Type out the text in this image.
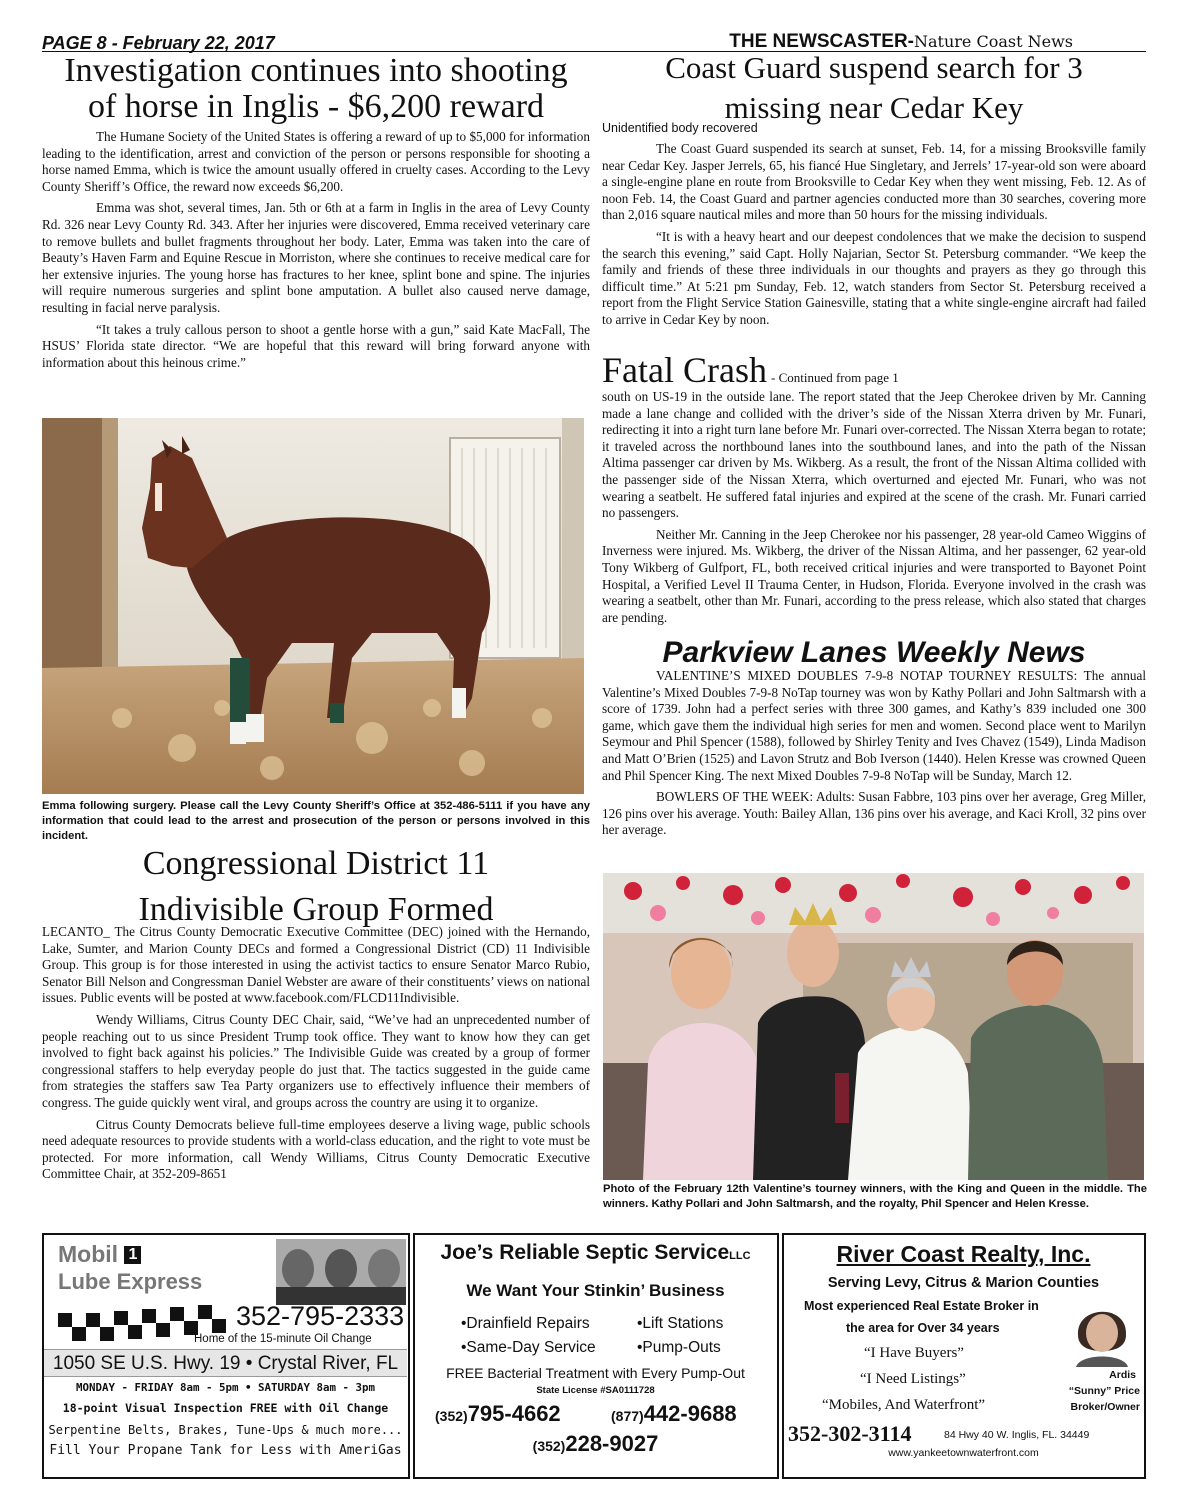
PAGE 8 - February 22, 2017	THE NEWSCASTER-Nature Coast News
Investigation continues into shooting
of horse in Inglis - $6,200 reward

The Humane Society of the United States is offering a reward of up to $5,000 for information leading to the identification, arrest and conviction of the person or persons responsible for shooting a horse named Emma, which is twice the amount usually offered in cruelty cases. According to the Levy County Sheriff’s Office, the reward now exceeds $6,200.

Emma was shot, several times, Jan. 5th or 6th at a farm in Inglis in the area of Levy County Rd. 326 near Levy County Rd. 343. After her injuries were discovered, Emma received veterinary care to remove bullets and bullet fragments throughout her body. Later, Emma was taken into the care of Beauty’s Haven Farm and Equine Rescue in Morriston, where she continues to receive medical care for her extensive injuries. The young horse has fractures to her knee, splint bone and spine. The injuries will require numerous surgeries and splint bone amputation. A bullet also caused nerve damage, resulting in facial nerve paralysis.

“It takes a truly callous person to shoot a gentle horse with a gun,” said Kate MacFall, The HSUS’ Florida state director. “We are hopeful that this reward will bring forward anyone with information about this heinous crime.”

Emma following surgery. Please call the Levy County Sheriff’s Office at 352-486-5111 if you have any information that could lead to the arrest and prosecution of the person or persons involved in this incident.
Congressional District 11
Indivisible Group Formed

LECANTO_ The Citrus County Democratic Executive Committee (DEC) joined with the Hernando, Lake, Sumter, and Marion County DECs and formed a Congressional District (CD) 11 Indivisible Group. This group is for those interested in using the activist tactics to ensure Senator Marco Rubio, Senator Bill Nelson and Congressman Daniel Webster are aware of their constituents’ views on national issues. Public events will be posted at www.facebook.com/FLCD11Indivisible.

Wendy Williams, Citrus County DEC Chair, said, “We’ve had an unprecedented number of people reaching out to us since President Trump took office. They want to know how they can get involved to fight back against his policies.” The Indivisible Guide was created by a group of former congressional staffers to help everyday people do just that. The tactics suggested in the guide came from strategies the staffers saw Tea Party organizers use to effectively influence their members of congress. The guide quickly went viral, and groups across the country are using it to organize.

Citrus County Democrats believe full-time employees deserve a living wage, public schools need adequate resources to provide students with a world-class education, and the right to vote must be protected. For more information, call Wendy Williams, Citrus County Democratic Executive Committee Chair, at 352-209-8651

Coast Guard suspend search for 3
missing near Cedar Key
Unidentified body recovered

The Coast Guard suspended its search at sunset, Feb. 14, for a missing Brooksville family near Cedar Key. Jasper Jerrels, 65, his fiancé Hue Singletary, and Jerrels’ 17-year-old son were aboard a single-engine plane en route from Brooksville to Cedar Key when they went missing, Feb. 12. As of noon Feb. 14, the Coast Guard and partner agencies conducted more than 30 searches, covering more than 2,016 square nautical miles and more than 50 hours for the missing individuals.

“It is with a heavy heart and our deepest condolences that we make the decision to suspend the search this evening,” said Capt. Holly Najarian, Sector St. Petersburg commander. “We keep the family and friends of these three individuals in our thoughts and prayers as they go through this difficult time.” At 5:21 pm Sunday, Feb. 12, watch standers from Sector St. Petersburg received a report from the Flight Service Station Gainesville, stating that a white single-engine aircraft had failed to arrive in Cedar Key by noon.

Fatal Crash - Continued from page 1

south on US-19 in the outside lane. The report stated that the Jeep Cherokee driven by Mr. Canning made a lane change and collided with the driver’s side of the Nissan Xterra driven by Mr. Funari, redirecting it into a right turn lane before Mr. Funari over-corrected. The Nissan Xterra began to rotate; it traveled across the northbound lanes into the southbound lanes, and into the path of the Nissan Altima passenger car driven by Ms. Wikberg. As a result, the front of the Nissan Altima collided with the passenger side of the Nissan Xterra, which overturned and ejected Mr. Funari, who was not wearing a seatbelt. He suffered fatal injuries and expired at the scene of the crash. Mr. Funari carried no passengers.

Neither Mr. Canning in the Jeep Cherokee nor his passenger, 28 year-old Cameo Wiggins of Inverness were injured. Ms. Wikberg, the driver of the Nissan Altima, and her passenger, 62 year-old Tony Wikberg of Gulfport, FL, both received critical injuries and were transported to Bayonet Point Hospital, a Verified Level II Trauma Center, in Hudson, Florida. Everyone involved in the crash was wearing a seatbelt, other than Mr. Funari, according to the press release, which also stated that charges are pending.

Parkview Lanes Weekly News

VALENTINE’S MIXED DOUBLES 7-9-8 NOTAP TOURNEY RESULTS: The annual Valentine’s Mixed Doubles 7-9-8 NoTap tourney was won by Kathy Pollari and John Saltmarsh with a score of 1739. John had a perfect series with three 300 games, and Kathy’s 839 included one 300 game, which gave them the individual high series for men and women. Second place went to Marilyn Seymour and Phil Spencer (1588), followed by Shirley Tenity and Ives Chavez (1549), Linda Madison and Matt O’Brien (1525) and Lavon Strutz and Bob Iverson (1440). Helen Kresse was crowned Queen and Phil Spencer King. The next Mixed Doubles 7-9-8 NoTap will be Sunday, March 12.

BOWLERS OF THE WEEK: Adults: Susan Fabbre, 103 pins over her average, Greg Miller, 126 pins over his average. Youth: Bailey Allan, 136 pins over his average, and Kaci Kroll, 32 pins over her average.

Photo of the February 12th Valentine’s tourney winners, with the King and Queen in the middle. The winners. Kathy Pollari and John Saltmarsh, and the royalty, Phil Spencer and Helen Kresse.
Mobil 1
Lube Express
352-795-2333
Home of the 15-minute Oil Change
1050 SE U.S. Hwy. 19 • Crystal River, FL
MONDAY - FRIDAY 8am - 5pm • SATURDAY 8am - 3pm
18-point Visual Inspection FREE with Oil Change
Serpentine Belts, Brakes, Tune-Ups & much more...
Fill Your Propane Tank for Less with AmeriGas
Joe’s Reliable Septic ServiceLLC
We Want Your Stinkin’ Business
•Drainfield Repairs	•Lift Stations
•Same-Day Service	•Pump-Outs
FREE Bacterial Treatment with Every Pump-Out
State License #SA0111728
(352)795-4662	(877)442-9688
(352)228-9027
River Coast Realty, Inc.
Serving Levy, Citrus & Marion Counties
Most experienced Real Estate Broker in
the area for Over 34 years
“I Have Buyers”
“I Need Listings”
“Mobiles, And Waterfront”
Ardis
“Sunny” Price
Broker/Owner
352-302-3114	84 Hwy 40 W. Inglis, FL. 34449
www.yankeetownwaterfront.com
